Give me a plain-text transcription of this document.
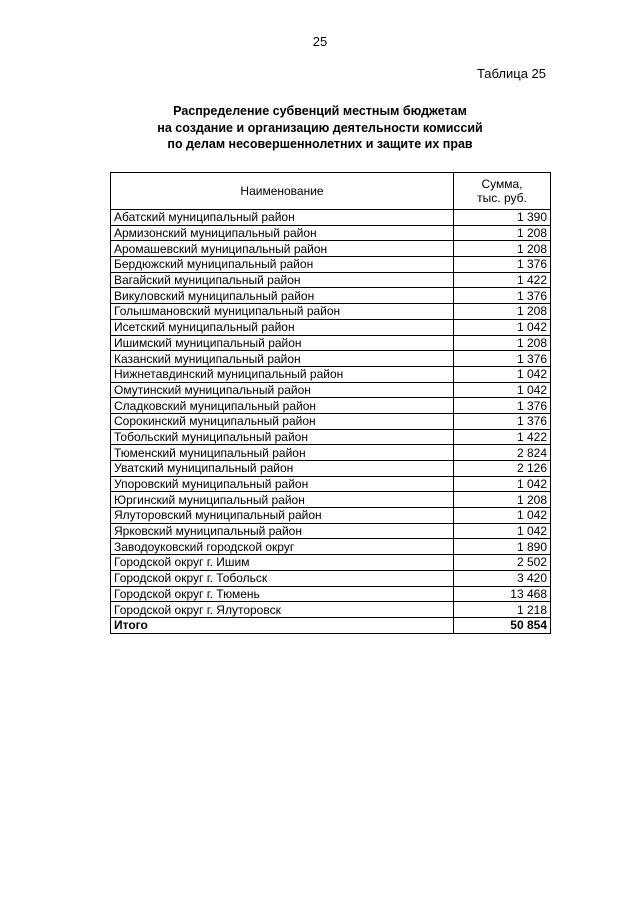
25
Таблица 25
Распределение субвенций местным бюджетам
на создание и организацию деятельности комиссий
по делам несовершеннолетних и защите их прав
Наименование	Сумма,
тыс. руб.
Абатский муниципальный район	1 390
Армизонский муниципальный район	1 208
Аромашевский муниципальный район	1 208
Бердюжский муниципальный район	1 376
Вагайский муниципальный район	1 422
Викуловский муниципальный район	1 376
Голышмановский муниципальный район	1 208
Исетский муниципальный район	1 042
Ишимский муниципальный район	1 208
Казанский муниципальный район	1 376
Нижнетавдинский муниципальный район	1 042
Омутинский муниципальный район	1 042
Сладковский муниципальный район	1 376
Сорокинский муниципальный район	1 376
Тобольский муниципальный район	1 422
Тюменский муниципальный район	2 824
Уватский муниципальный район	2 126
Упоровский муниципальный район	1 042
Юргинский муниципальный район	1 208
Ялуторовский муниципальный район	1 042
Ярковский муниципальный район	1 042
Заводоуковский городской округ	1 890
Городской округ г. Ишим	2 502
Городской округ г. Тобольск	3 420
Городской округ г. Тюмень	13 468
Городской округ г. Ялуторовск	1 218
Итого	50 854
